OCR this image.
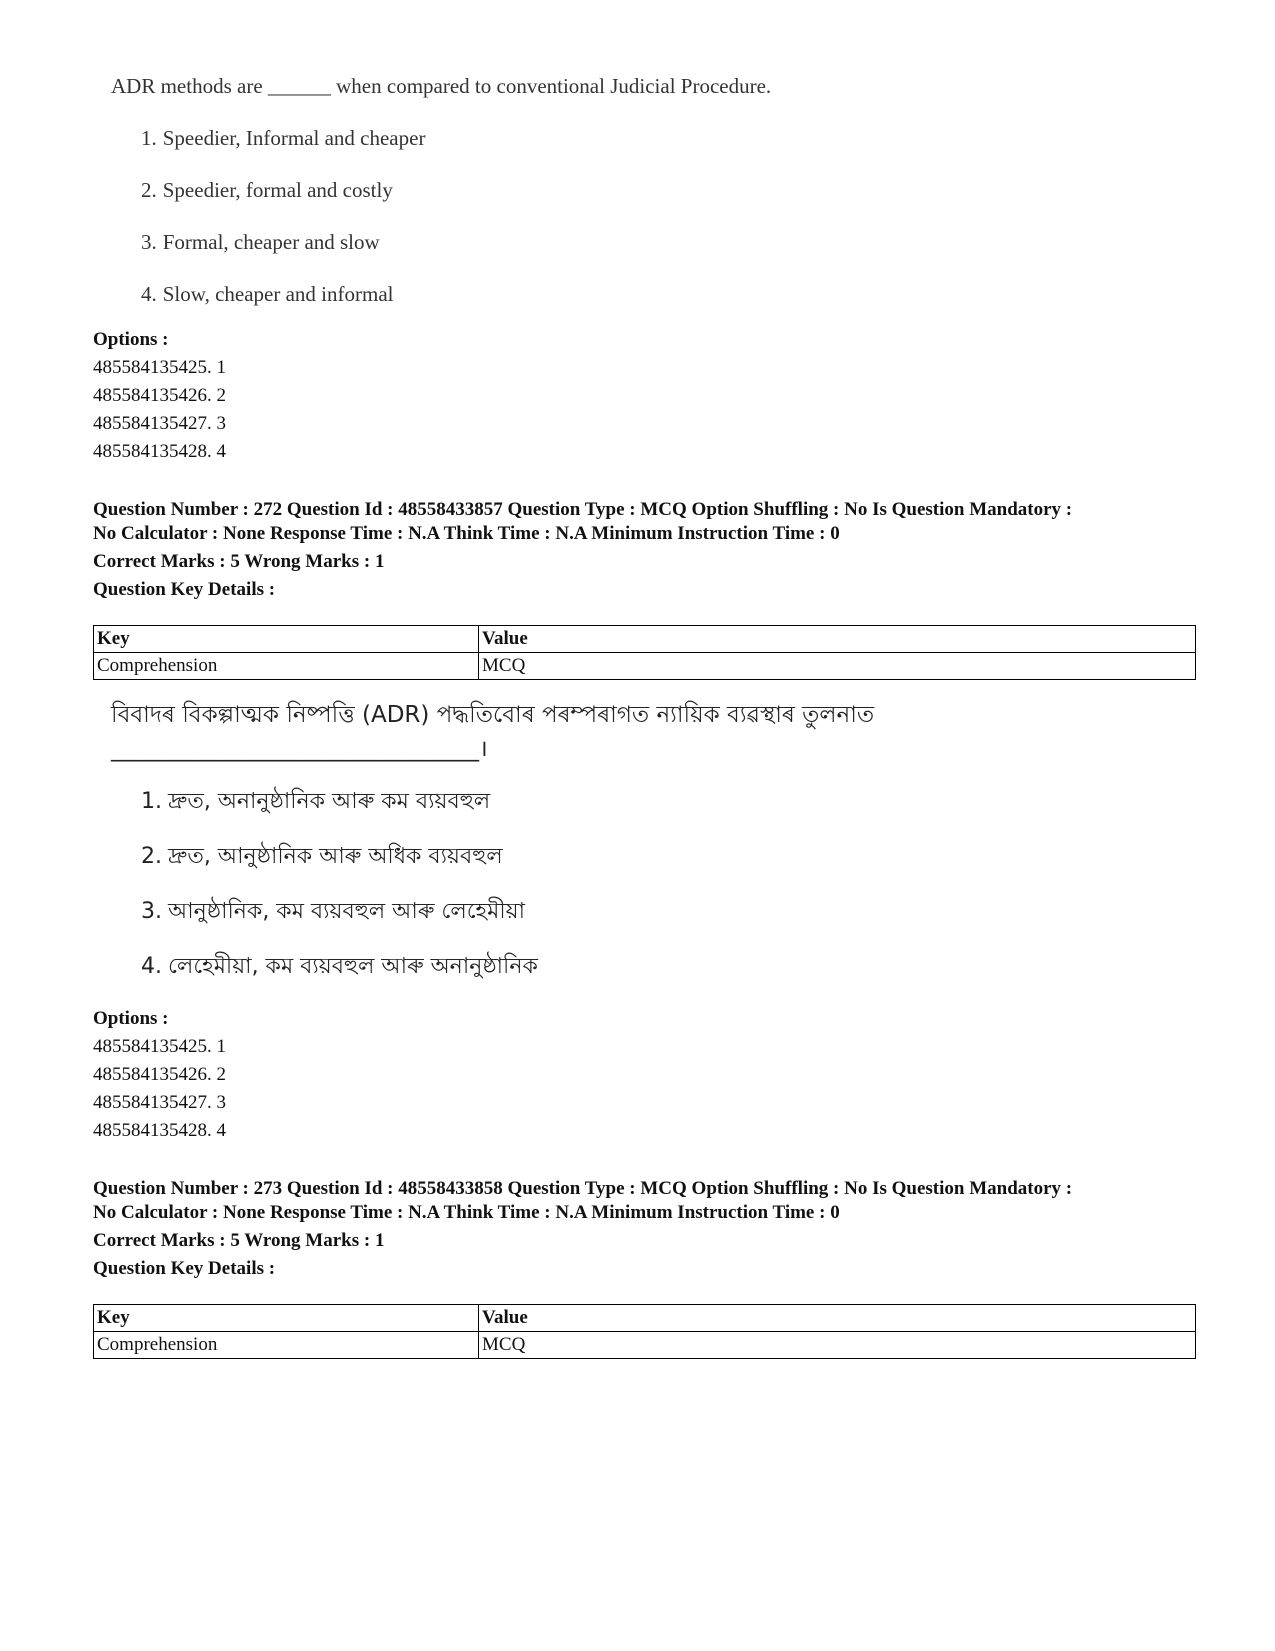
ADR methods are ______ when compared to conventional Judicial Procedure.

1. Speedier, Informal and cheaper
2. Speedier, formal and costly
3. Formal, cheaper and slow
4. Slow, cheaper and informal
Options :
485584135425. 1
485584135426. 2
485584135427. 3
485584135428. 4

Question Number : 272 Question Id : 48558433857 Question Type : MCQ Option Shuffling : No Is Question Mandatory :

No Calculator : None Response Time : N.A Think Time : N.A Minimum Instruction Time : 0

Correct Marks : 5 Wrong Marks : 1

Question Key Details :

Key	Value
Comprehension	MCQ

বিবাদৰ বিকল্পাত্মক নিষ্পত্তি (ADR) পদ্ধতিবোৰ পৰম্পৰাগত ন্যায়িক ব্যৱস্থাৰ তুলনাত

________________________________।

1. দ্রুত, অনানুষ্ঠানিক আৰু কম ব্যয়বহুল
2. দ্রুত, আনুষ্ঠানিক আৰু অধিক ব্যয়বহুল
3. আনুষ্ঠানিক, কম ব্যয়বহুল আৰু লেহেমীয়া
4. লেহেমীয়া, কম ব্যয়বহুল আৰু অনানুষ্ঠানিক
Options :
485584135425. 1
485584135426. 2
485584135427. 3
485584135428. 4

Question Number : 273 Question Id : 48558433858 Question Type : MCQ Option Shuffling : No Is Question Mandatory :

No Calculator : None Response Time : N.A Think Time : N.A Minimum Instruction Time : 0

Correct Marks : 5 Wrong Marks : 1

Question Key Details :

Key	Value
Comprehension	MCQ
